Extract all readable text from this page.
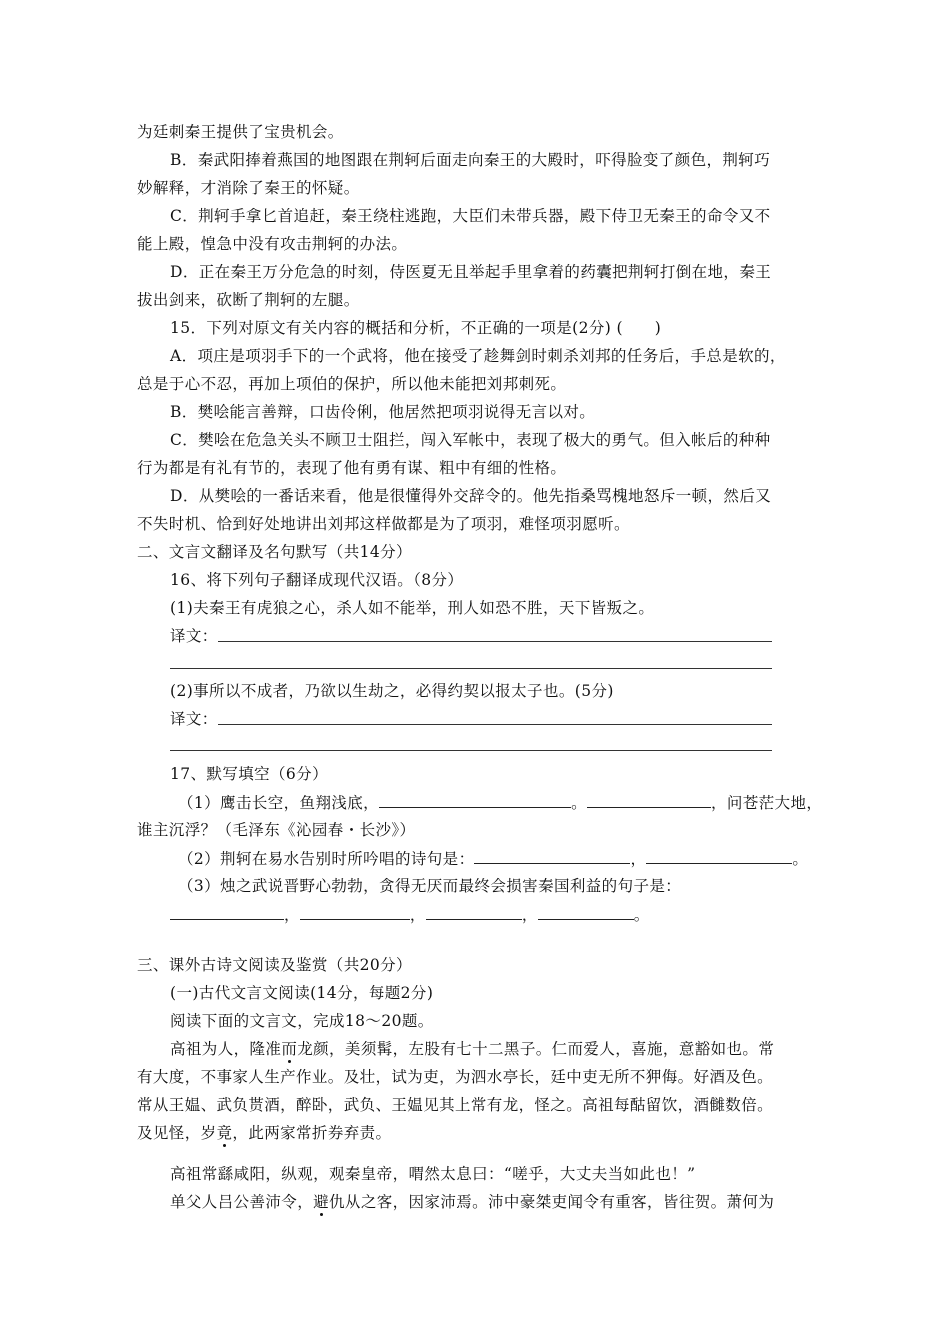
为廷刺秦王提供了宝贵机会。
B．秦武阳捧着燕国的地图跟在荆轲后面走向秦王的大殿时，吓得脸变了颜色，荆轲巧
妙解释，才消除了秦王的怀疑。
C．荆轲手拿匕首追赶，秦王绕柱逃跑，大臣们未带兵器，殿下侍卫无秦王的命令又不
能上殿，惶急中没有攻击荆轲的办法。
D．正在秦王万分危急的时刻，侍医夏无且举起手里拿着的药囊把荆轲打倒在地，秦王
拔出剑来，砍断了荆轲的左腿。
15．下列对原文有关内容的概括和分析，不正确的一项是(2分) (　　)
A．项庄是项羽手下的一个武将，他在接受了趁舞剑时刺杀刘邦的任务后，手总是软的，
总是于心不忍，再加上项伯的保护，所以他未能把刘邦刺死。
B．樊哙能言善辩，口齿伶俐，他居然把项羽说得无言以对。
C．樊哙在危急关头不顾卫士阻拦，闯入军帐中，表现了极大的勇气。但入帐后的种种
行为都是有礼有节的，表现了他有勇有谋、粗中有细的性格。
D．从樊哙的一番话来看，他是很懂得外交辞令的。他先指桑骂槐地怒斥一顿，然后又
不失时机、恰到好处地讲出刘邦这样做都是为了项羽，难怪项羽愿听。
二、文言文翻译及名句默写（共14分）
16、将下列句子翻译成现代汉语。（8分）
(1)夫秦王有虎狼之心，杀人如不能举，刑人如恐不胜，天下皆叛之。
译文：
(2)事所以不成者，乃欲以生劫之，必得约契以报太子也。(5分)
译文：
17、默写填空（6分）
（1）鹰击长空，鱼翔浅底，	。	，问苍茫大地，
谁主沉浮？（毛泽东《沁园春・长沙》）
（2）荆轲在易水告别时所吟唱的诗句是：	，	。
（3）烛之武说晋野心勃勃，贪得无厌而最终会损害秦国利益的句子是：
，	，	，	。
三、课外古诗文阅读及鉴赏（共20分）
(一)古代文言文阅读(14分，每题2分)
阅读下面的文言文，完成18～20题。
高祖为人，隆准而龙颜，美须髯，左股有七十二黑子。仁而爱人，喜施，意豁如也。常
有大度，不事家人生产作业。及壮，试为吏，为泗水亭长，廷中吏无所不狎侮。好酒及色。
常从王媪、武负贳酒，醉卧，武负、王媪见其上常有龙，怪之。高祖每酤留饮，酒雠数倍。
及见怪，岁竟，此两家常折券弃责。
高祖常繇咸阳，纵观，观秦皇帝，喟然太息曰：“嗟乎，大丈夫当如此也！”
单父人吕公善沛令，避仇从之客，因家沛焉。沛中豪桀吏闻令有重客，皆往贺。萧何为
